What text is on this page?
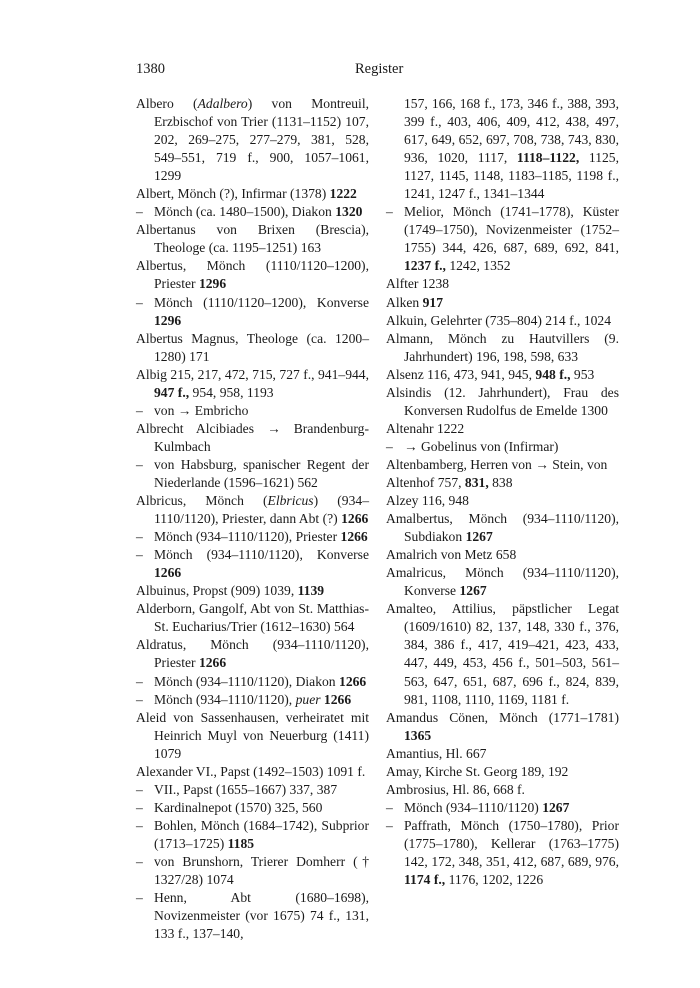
1380	Register

Albero (Adalbero) von Montreuil, Erzbischof von Trier (1131–1152) 107, 202, 269–275, 277–279, 381, 528, 549–551, 719 f., 900, 1057–1061, 1299

Albert, Mönch (?), Infirmar (1378) 1222

– Mönch (ca. 1480–1500), Diakon 1320

Albertanus von Brixen (Brescia), Theologe (ca. 1195–1251) 163

Albertus, Mönch (1110/1120–1200), Priester 1296

– Mönch (1110/1120–1200), Konverse 1296

Albertus Magnus, Theologe (ca. 1200–1280) 171

Albig 215, 217, 472, 715, 727 f., 941–944, 947 f., 954, 958, 1193

– von → Embricho

Albrecht Alcibiades → Brandenburg-Kulmbach

– von Habsburg, spanischer Regent der Niederlande (1596–1621) 562

Albricus, Mönch (Elbricus) (934–1110/1120), Priester, dann Abt (?) 1266

– Mönch (934–1110/1120), Priester 1266

– Mönch (934–1110/1120), Konverse 1266

Albuinus, Propst (909) 1039, 1139

Alderborn, Gangolf, Abt von St. Matthias-St. Eucharius/Trier (1612–1630) 564

Aldratus, Mönch (934–1110/1120), Priester 1266

– Mönch (934–1110/1120), Diakon 1266

– Mönch (934–1110/1120), puer 1266

Aleid von Sassenhausen, verheiratet mit Heinrich Muyl von Neuerburg (1411) 1079

Alexander VI., Papst (1492–1503) 1091 f.

– VII., Papst (1655–1667) 337, 387

– Kardinalnepot (1570) 325, 560

– Bohlen, Mönch (1684–1742), Subprior (1713–1725) 1185

– von Brunshorn, Trierer Domherr († 1327/28) 1074

– Henn, Abt (1680–1698), Novizenmeister (vor 1675) 74 f., 131, 133 f., 137–140,

157, 166, 168 f., 173, 346 f., 388, 393, 399 f., 403, 406, 409, 412, 438, 497, 617, 649, 652, 697, 708, 738, 743, 830, 936, 1020, 1117, 1118–1122, 1125, 1127, 1145, 1148, 1183–1185, 1198 f., 1241, 1247 f., 1341–1344

– Melior, Mönch (1741–1778), Küster (1749–1750), Novizenmeister (1752–1755) 344, 426, 687, 689, 692, 841, 1237 f., 1242, 1352

Alfter 1238

Alken 917

Alkuin, Gelehrter (735–804) 214 f., 1024

Almann, Mönch zu Hautvillers (9. Jahrhundert) 196, 198, 598, 633

Alsenz 116, 473, 941, 945, 948 f., 953

Alsindis (12. Jahrhundert), Frau des Konversen Rudolfus de Emelde 1300

Altenahr 1222

– → Gobelinus von (Infirmar)

Altenbamberg, Herren von → Stein, von

Altenhof 757, 831, 838

Alzey 116, 948

Amalbertus, Mönch (934–1110/1120), Subdiakon 1267

Amalrich von Metz 658

Amalricus, Mönch (934–1110/1120), Konverse 1267

Amalteo, Attilius, päpstlicher Legat (1609/1610) 82, 137, 148, 330 f., 376, 384, 386 f., 417, 419–421, 423, 433, 447, 449, 453, 456 f., 501–503, 561–563, 647, 651, 687, 696 f., 824, 839, 981, 1108, 1110, 1169, 1181 f.

Amandus Cönen, Mönch (1771–1781) 1365

Amantius, Hl. 667

Amay, Kirche St. Georg 189, 192

Ambrosius, Hl. 86, 668 f.

– Mönch (934–1110/1120) 1267

– Paffrath, Mönch (1750–1780), Prior (1775–1780), Kellerar (1763–1775) 142, 172, 348, 351, 412, 687, 689, 976, 1174 f., 1176, 1202, 1226
